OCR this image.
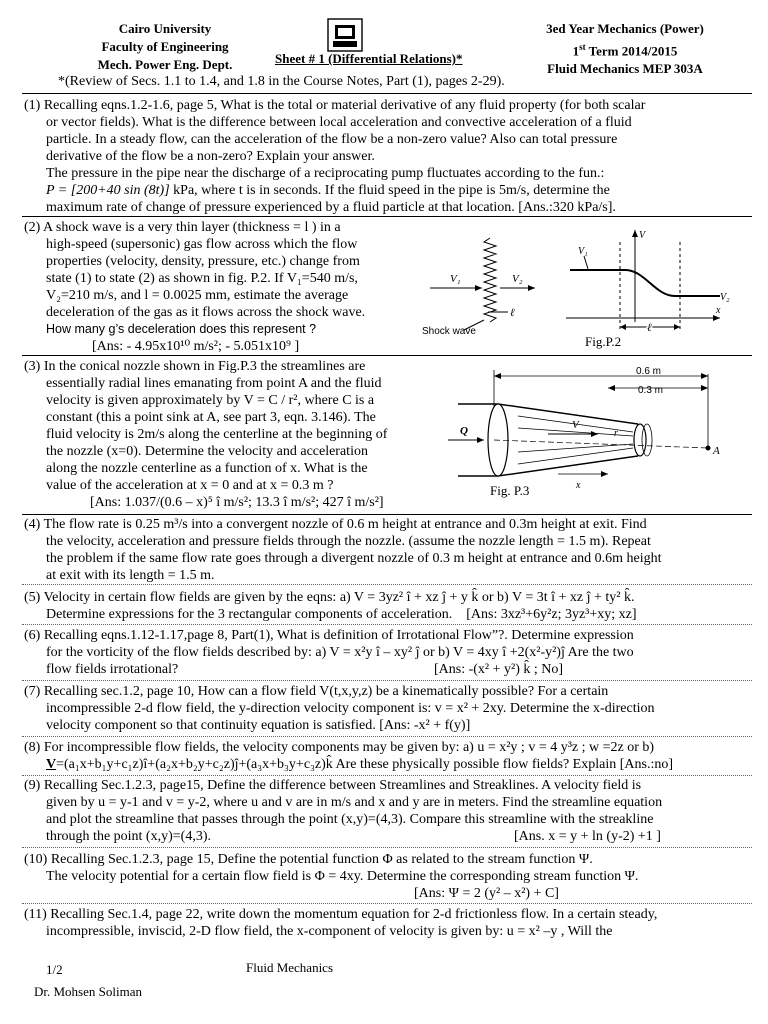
Cairo University
Faculty of Engineering
Mech. Power Eng. Dept.
3ed Year Mechanics (Power)
1st Term 2014/2015
Fluid Mechanics MEP 303A
Sheet # 1 (Differential Relations)*
*(Review of Secs. 1.1 to 1.4, and 1.8 in the Course Notes, Part (1), pages 2-29).

(1) Recalling eqns.1.2-1.6, page 5, What is the total or material derivative of any fluid property (for both scalar

or vector fields). What is the difference between local acceleration and convective acceleration of a fluid

particle. In a steady flow, can the acceleration of the flow be a non-zero value? Also can total pressure

derivative of the flow be a non-zero? Explain your answer.

The pressure in the pipe near the discharge of a reciprocating pump fluctuates according to the fun.:

P = [200+40 sin (8t)] kPa, where t is in seconds. If the fluid speed in the pipe is 5m/s, determine the

maximum rate of change of pressure experienced by a fluid particle at that location. [Ans.:320 kPa/s].

(2) A shock wave is a very thin layer (thickness = l ) in a

high-speed (supersonic) gas flow across which the flow

properties (velocity, density, pressure, etc.) change from

state (1) to state (2) as shown in fig. P.2. If V₁=540 m/s,

V₂=210 m/s, and l = 0.0025 mm, estimate the average

deceleration of the gas as it flows across the shock wave.

How many g’s deceleration does this represent ?

[Ans: - 4.95x10¹⁰ m/s²; - 5.051x10⁹ ]

V₁	V₂
ℓ
Shock wave
x
V
V₁
V₂
ℓ
Fig.P.2

(3) In the conical nozzle shown in Fig.P.3 the streamlines are

essentially radial lines emanating from point A and the fluid

velocity is given approximately by V = C / r², where C is a

constant (this a point sink at A, see part 3, eqn. 3.146). The

fluid velocity is 2m/s along the centerline at the beginning of

the nozzle (x=0). Determine the velocity and acceleration

along the nozzle centerline as a function of x. What is the

value of the acceleration at x = 0 and at x = 0.3 m ?

[Ans: 1.037/(0.6 – x)⁵ î m/s²; 13.3 î m/s²; 427 î m/s²]
0.6 m
0.3 m
Q	V
r
A
x
Fig. P.3

(4) The flow rate is 0.25 m³/s into a convergent nozzle of 0.6 m height at entrance and 0.3m height at exit. Find

the velocity, acceleration and pressure fields through the nozzle. (assume the nozzle length = 1.5 m). Repeat

the problem if the same flow rate goes through a divergent nozzle of 0.3 m height at entrance and 0.6m height

at exit with its length = 1.5 m.

(5) Velocity in certain flow fields are given by the eqns: a) V = 3yz² î + xz ĵ + y k̂ or b) V = 3t î + xz ĵ + ty² k̂.

Determine expressions for the 3 rectangular components of acceleration. [Ans: 3xz³+6y²z; 3yz³+xy; xz]

(6) Recalling eqns.1.12-1.17,page 8, Part(1), What is definition of Irrotational Flow”?. Determine expression

for the vorticity of the flow fields described by: a) V = x²y î – xy² ĵ or b) V = 4xy î +2(x²-y²)ĵ Are the two

flow fields irrotational?	[Ans: -(x² + y²) k̂ ; No]

(7) Recalling sec.1.2, page 10, How can a flow field V(t,x,y,z) be a kinematically possible? For a certain

incompressible 2-d flow field, the y-direction velocity component is: v = x² + 2xy. Determine the x-direction

velocity component so that continuity equation is satisfied. [Ans: -x² + f(y)]

(8) For incompressible flow fields, the velocity components may be given by: a) u = x²y ; v = 4 y³z ; w =2z or b)

V=(a₁x+b₁y+c₁z)î+(a₂x+b₂y+c₂z)ĵ+(a₃x+b₃y+c₃z)k̂ Are these physically possible flow fields? Explain [Ans.:no]

(9) Recalling Sec.1.2.3, page15, Define the difference between Streamlines and Streaklines. A velocity field is

given by u = y-1 and v = y-2, where u and v are in m/s and x and y are in meters. Find the streamline equation

and plot the streamline that passes through the point (x,y)=(4,3). Compare this streamline with the streakline

through the point (x,y)=(4,3).	[Ans. x = y + ln (y-2) +1 ]

(10) Recalling Sec.1.2.3, page 15, Define the potential function Φ as related to the stream function Ψ.

The velocity potential for a certain flow field is Φ = 4xy. Determine the corresponding stream function Ψ.

[Ans: Ψ = 2 (y² – x²) + C]

(11) Recalling Sec.1.4, page 22, write down the momentum equation for 2-d frictionless flow. In a certain steady,

incompressible, inviscid, 2-D flow field, the x-component of velocity is given by: u = x² –y , Will the

1/2	Fluid Mechanics
Dr. Mohsen Soliman
